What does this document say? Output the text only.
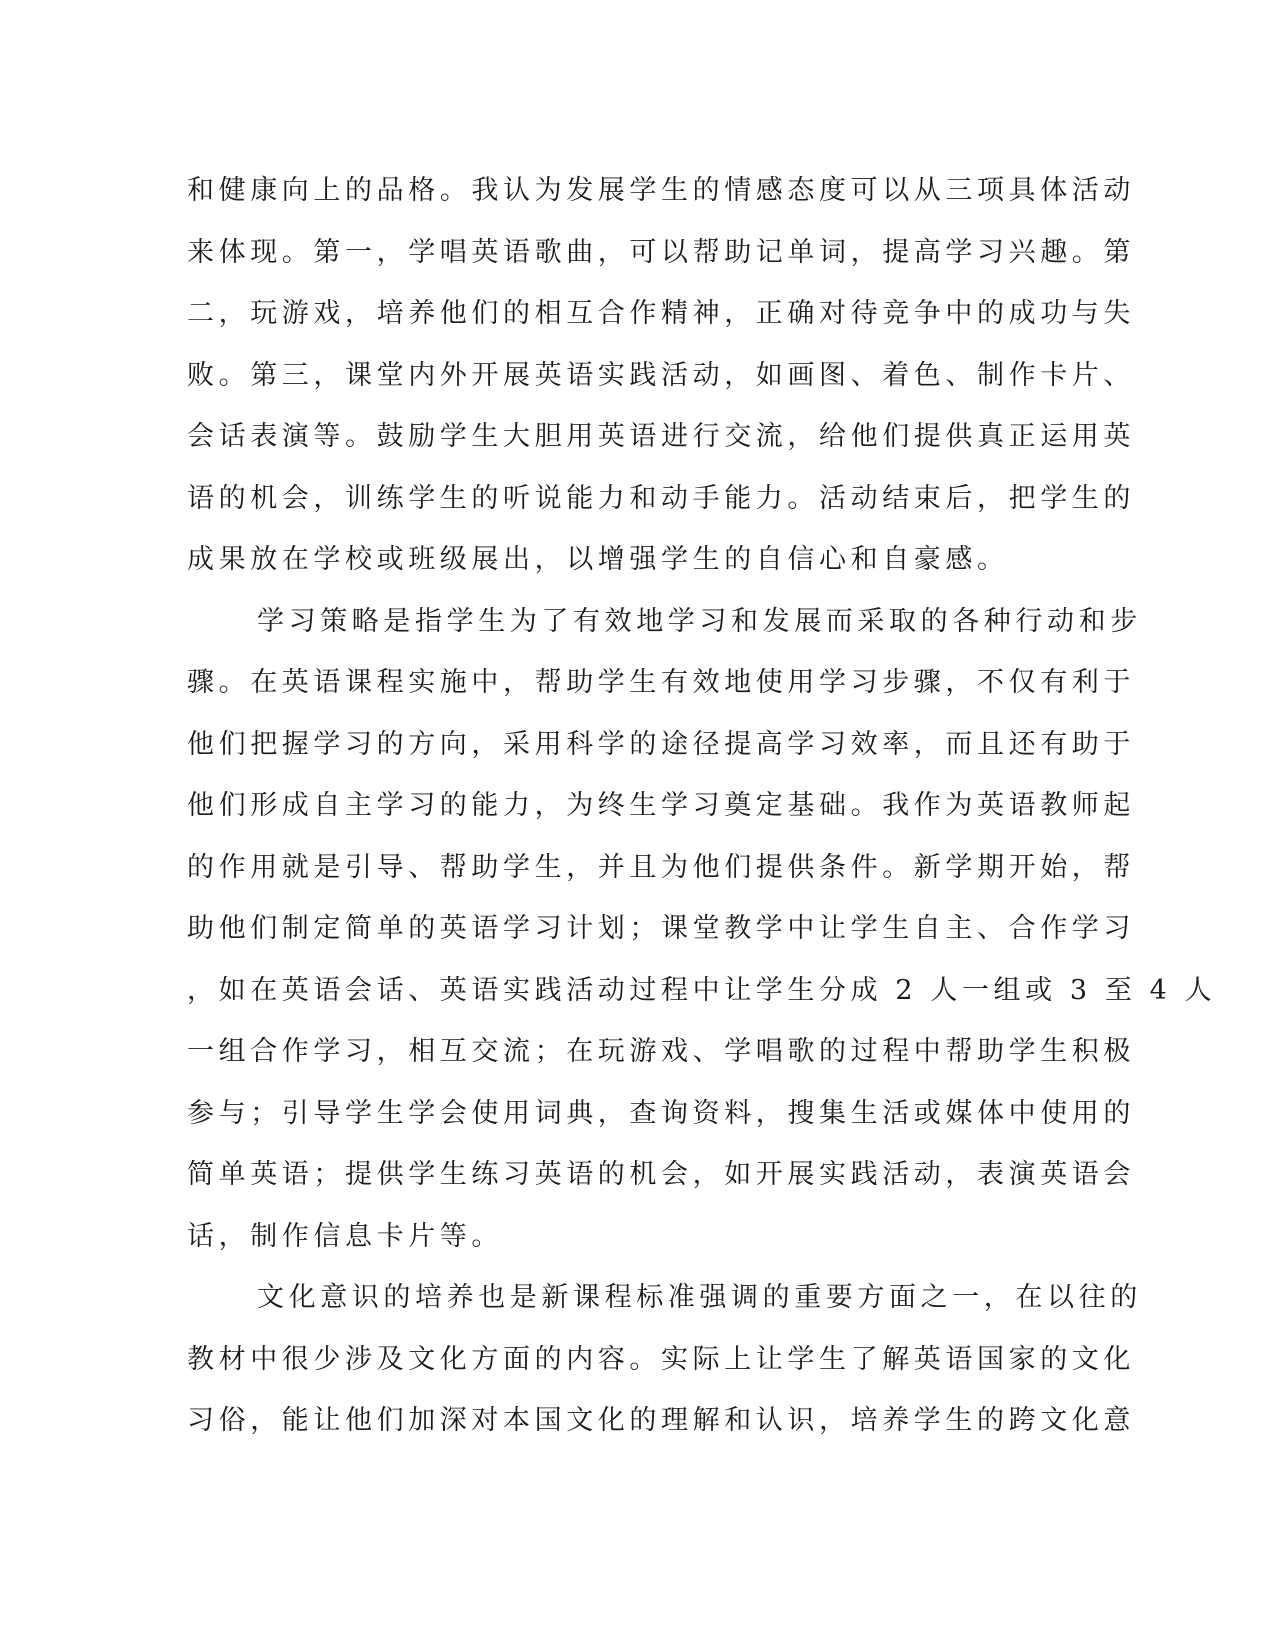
和健康向上的品格。我认为发展学生的情感态度可以从三项具体活动
来体现。第一，学唱英语歌曲，可以帮助记单词，提高学习兴趣。第
二，玩游戏，培养他们的相互合作精神，正确对待竞争中的成功与失
败。第三，课堂内外开展英语实践活动，如画图、着色、制作卡片、
会话表演等。鼓励学生大胆用英语进行交流，给他们提供真正运用英
语的机会，训练学生的听说能力和动手能力。活动结束后，把学生的
成果放在学校或班级展出，以增强学生的自信心和自豪感。
学习策略是指学生为了有效地学习和发展而采取的各种行动和步
骤。在英语课程实施中，帮助学生有效地使用学习步骤，不仅有利于
他们把握学习的方向，采用科学的途径提高学习效率，而且还有助于
他们形成自主学习的能力，为终生学习奠定基础。我作为英语教师起
的作用就是引导、帮助学生，并且为他们提供条件。新学期开始，帮
助他们制定简单的英语学习计划；课堂教学中让学生自主、合作学习
，如在英语会话、英语实践活动过程中让学生分成 2 人一组或 3 至 4 人
一组合作学习，相互交流；在玩游戏、学唱歌的过程中帮助学生积极
参与；引导学生学会使用词典，查询资料，搜集生活或媒体中使用的
简单英语；提供学生练习英语的机会，如开展实践活动，表演英语会
话，制作信息卡片等。
文化意识的培养也是新课程标准强调的重要方面之一，在以往的
教材中很少涉及文化方面的内容。实际上让学生了解英语国家的文化
习俗，能让他们加深对本国文化的理解和认识，培养学生的跨文化意
